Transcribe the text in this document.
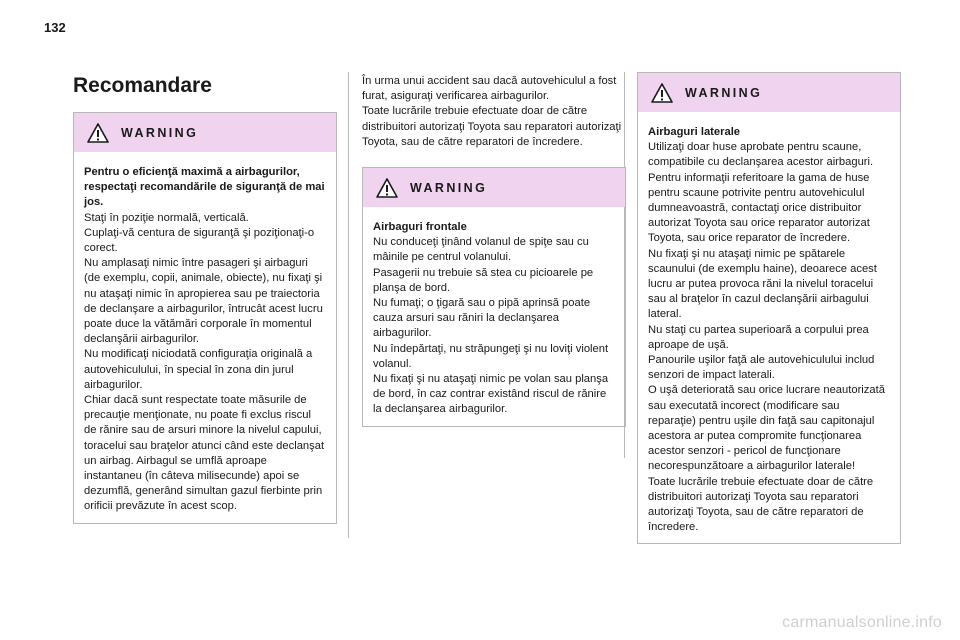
132
Recomandare
WARNING

Pentru o eficienţă maximă a airbagurilor, respectaţi recomandările de siguranţă de mai jos.

Staţi în poziţie normală, verticală.
Cuplaţi-vă centura de siguranţă şi poziţionaţi-o corect.
Nu amplasaţi nimic între pasageri şi airbaguri (de exemplu, copii, animale, obiecte), nu fixaţi şi nu ataşaţi nimic în apropierea sau pe traiectoria de declanşare a airbagurilor, întrucât acest lucru poate duce la vătămări corporale în momentul declanşării airbagurilor.
Nu modificaţi niciodată configuraţia originală a autovehiculului, în special în zona din jurul airbagurilor.
Chiar dacă sunt respectate toate măsurile de precauţie menţionate, nu poate fi exclus riscul de rănire sau de arsuri minore la nivelul capului, toracelui sau braţelor atunci când este declanşat un airbag. Airbagul se umflă aproape instantaneu (în câteva milisecunde) apoi se dezumflă, generând simultan gazul fierbinte prin orificii prevăzute în acest scop.

În urma unui accident sau dacă autovehiculul a fost furat, asiguraţi verificarea airbagurilor.
Toate lucrările trebuie efectuate doar de către distribuitori autorizaţi Toyota sau reparatori autorizaţi Toyota, sau de către reparatori de încredere.

WARNING

Airbaguri frontale

Nu conduceţi ţinând volanul de spiţe sau cu mâinile pe centrul volanului.
Pasagerii nu trebuie să stea cu picioarele pe planşa de bord.
Nu fumaţi; o ţigară sau o pipă aprinsă poate cauza arsuri sau răniri la declanşarea airbagurilor.
Nu îndepărtaţi, nu străpungeţi şi nu loviţi violent volanul.
Nu fixaţi şi nu ataşaţi nimic pe volan sau planşa de bord, în caz contrar existând riscul de rănire la declanşarea airbagurilor.

WARNING

Airbaguri laterale

Utilizaţi doar huse aprobate pentru scaune, compatibile cu declanşarea acestor airbaguri. Pentru informaţii referitoare la gama de huse pentru scaune potrivite pentru autovehiculul dumneavoastră, contactaţi orice distribuitor autorizat Toyota sau orice reparator autorizat Toyota, sau orice reparator de încredere.
Nu fixaţi şi nu ataşaţi nimic pe spătarele scaunului (de exemplu haine), deoarece acest lucru ar putea provoca răni la nivelul toracelui sau al braţelor în cazul declanşării airbagului lateral.
Nu staţi cu partea superioară a corpului prea aproape de uşă.
Panourile uşilor faţă ale autovehiculului includ senzori de impact laterali.
O uşă deteriorată sau orice lucrare neautorizată sau executată incorect (modificare sau reparaţie) pentru uşile din faţă sau capitonajul acestora ar putea compromite funcţionarea acestor senzori - pericol de funcţionare necorespunzătoare a airbagurilor laterale!
Toate lucrările trebuie efectuate doar de către distribuitori autorizaţi Toyota sau reparatori autorizaţi Toyota, sau de către reparatori de încredere.

carmanualsonline.info
